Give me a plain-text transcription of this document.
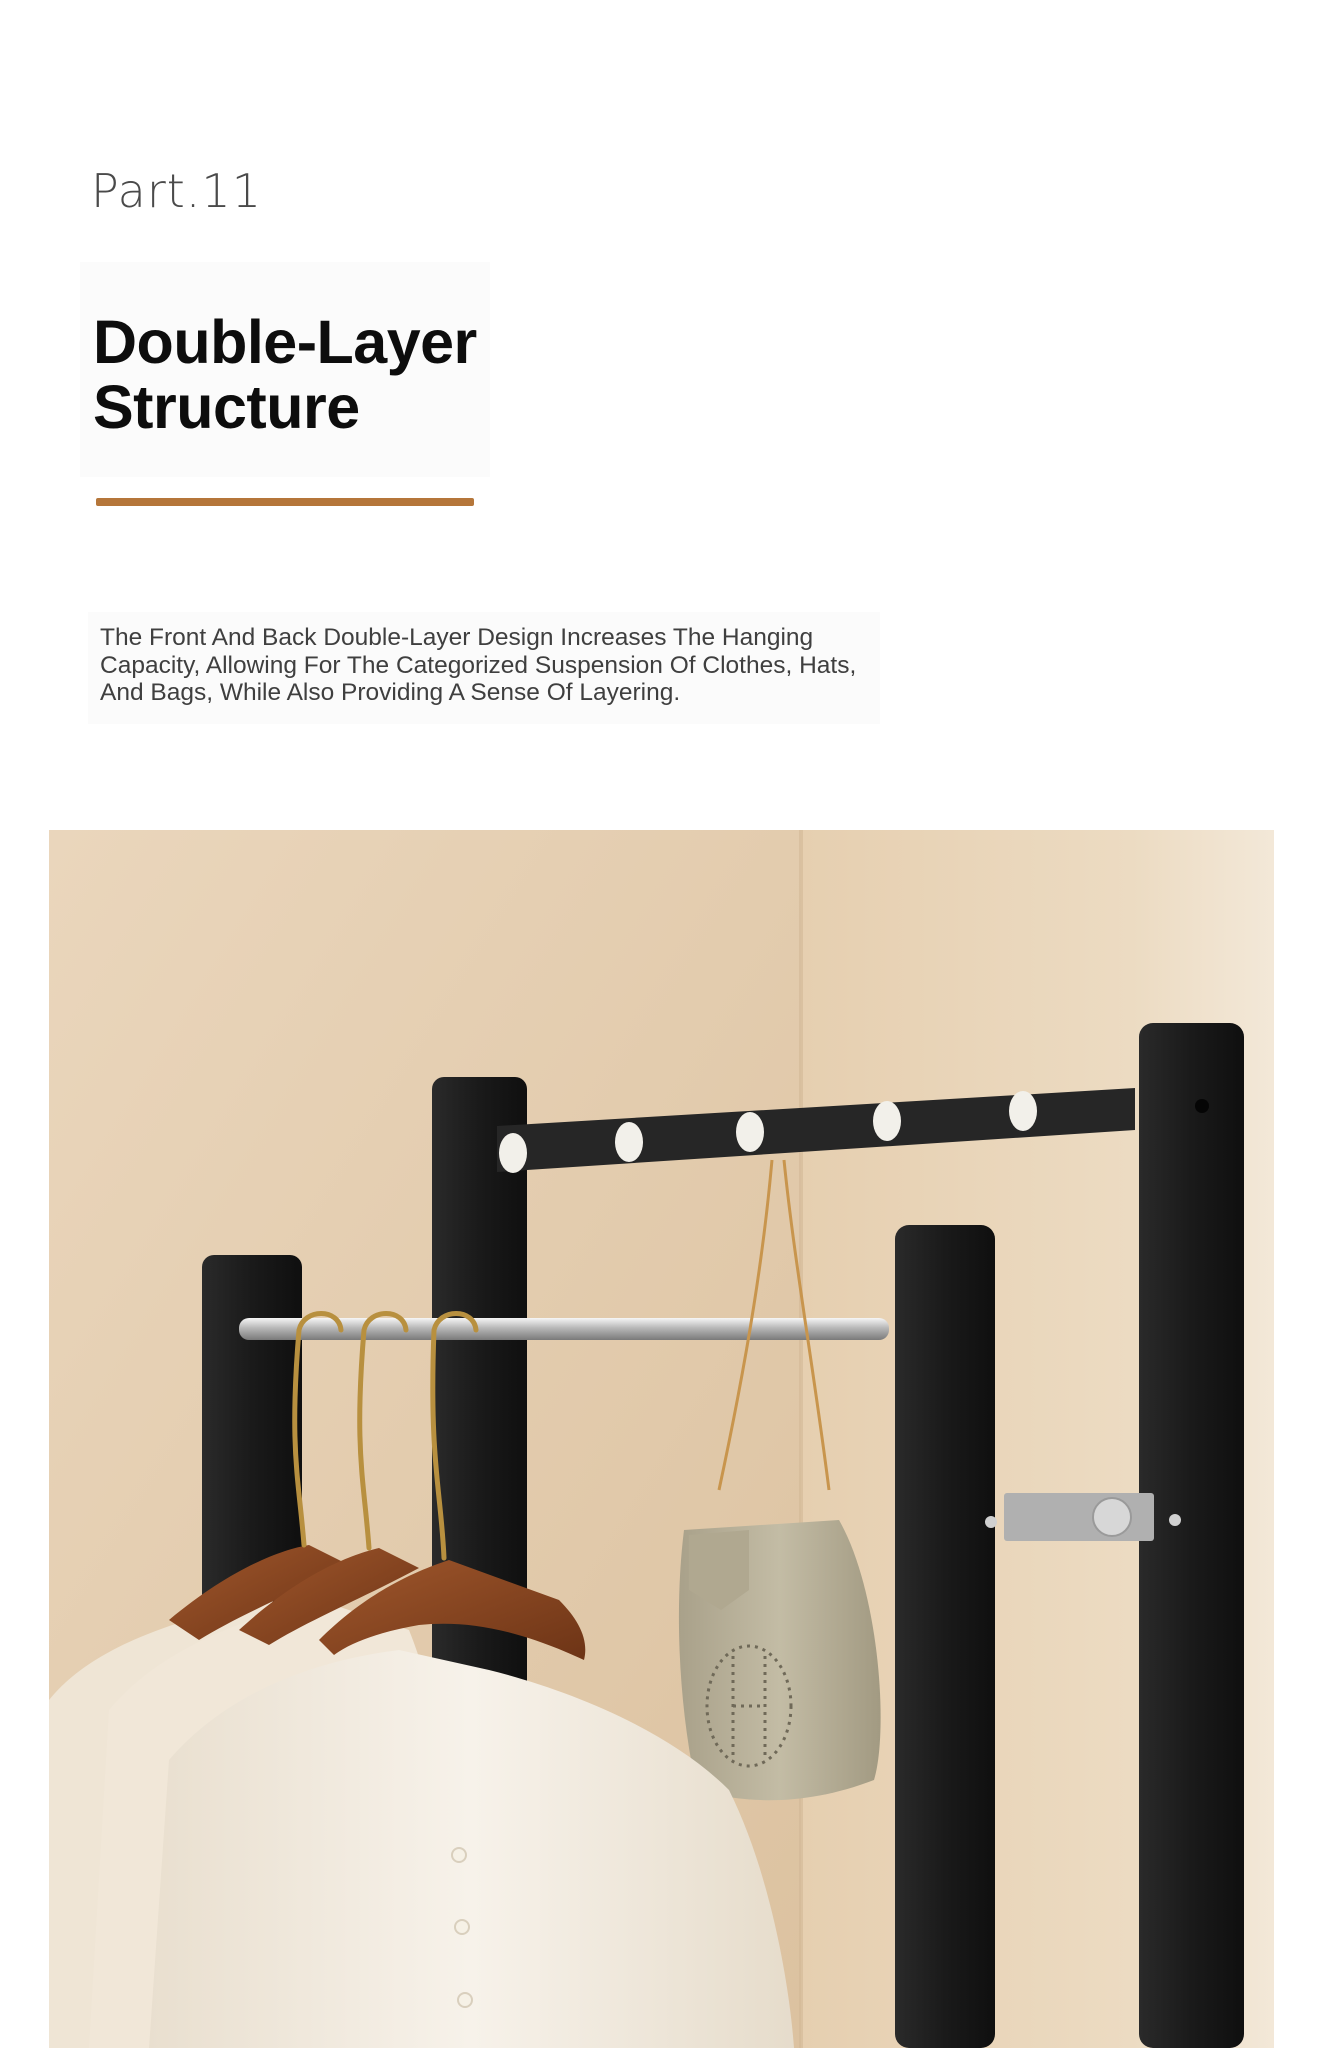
Part.11
Double-Layer
Structure

The Front And Back Double-Layer Design Increases The Hanging Capacity, Allowing For The Categorized Suspension Of Clothes, Hats, And Bags, While Also Providing A Sense Of Layering.
